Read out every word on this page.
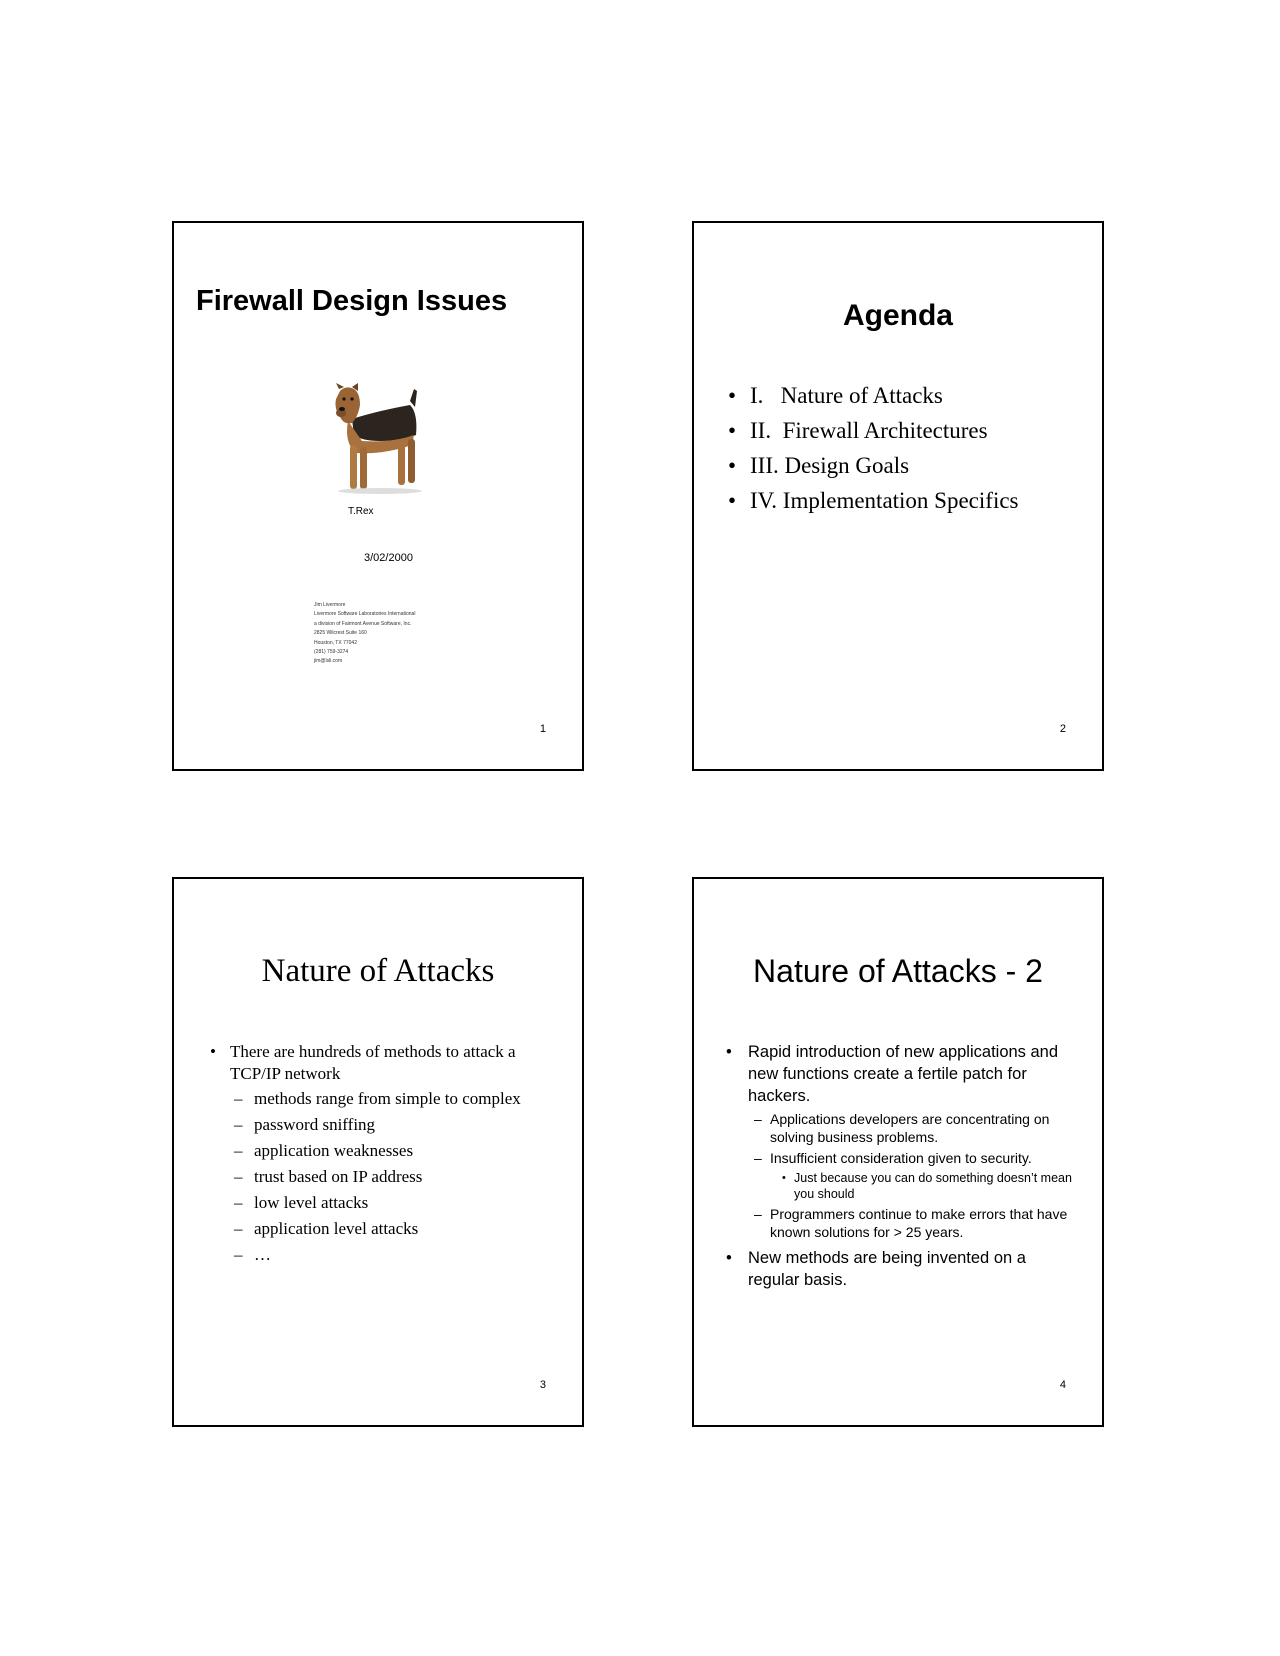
Firewall Design Issues
T.Rex
3/02/2000
Jim Livermore
Livermore Software Laboratories International
a division of Fairmont Avenue Software, Inc.
2825 Wilcrest Suite 160
Houston, TX 77042
(281) 759-3274
jim@lsli.com
1
Agenda
• I.   Nature of Attacks
• II.  Firewall Architectures
• III. Design Goals
• IV. Implementation Specifics
2
Nature of Attacks
• There are hundreds of methods to attack a TCP/IP network
– methods range from simple to complex
– password sniffing
– application weaknesses
– trust based on IP address
– low level attacks
– application level attacks
– …
3
Nature of Attacks - 2
• Rapid introduction of new applications and new functions create a fertile patch for hackers.
– Applications developers are concentrating on solving business problems.
– Insufficient consideration given to security.
• Just because you can do something doesn’t mean you should
– Programmers continue to make errors that have known solutions for > 25 years.
• New methods are being invented on a regular basis.
4
